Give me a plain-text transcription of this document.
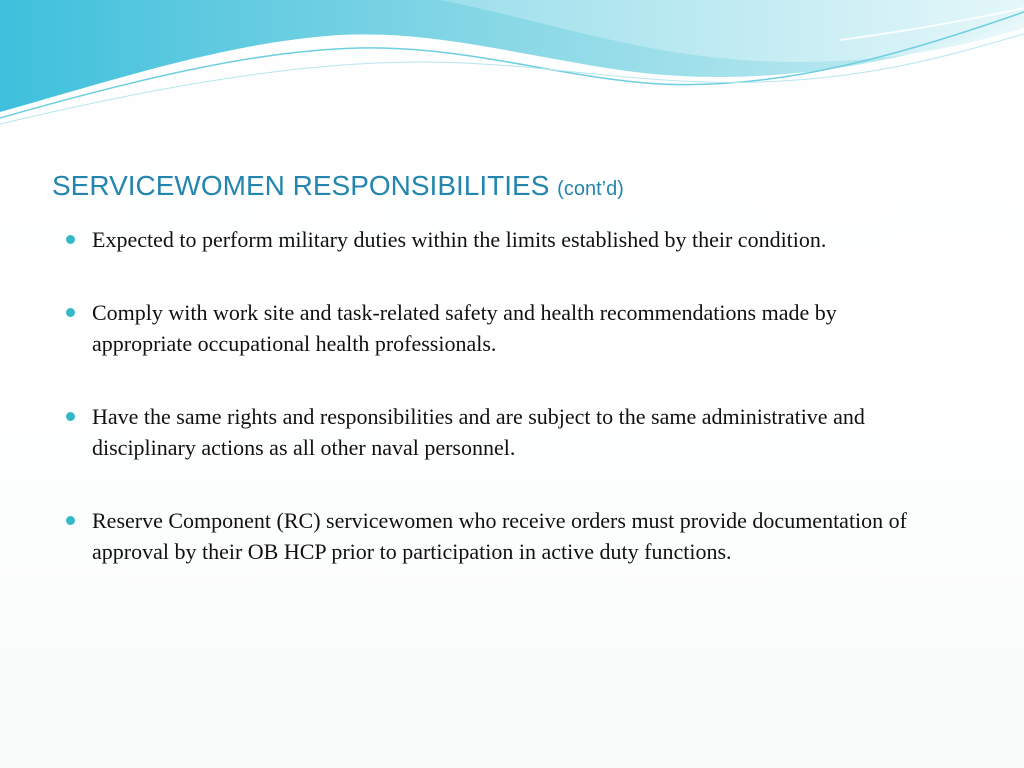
SERVICEWOMEN RESPONSIBILITIES (cont’d)
Expected to perform military duties within the limits established by their condition.
Comply with work site and task-related safety and health recommendations made by appropriate occupational health professionals.
Have the same rights and responsibilities and are subject to the same administrative and disciplinary actions as all other naval personnel.
Reserve Component (RC) servicewomen who receive orders must provide documentation of approval by their OB HCP prior to participation in active duty functions.
